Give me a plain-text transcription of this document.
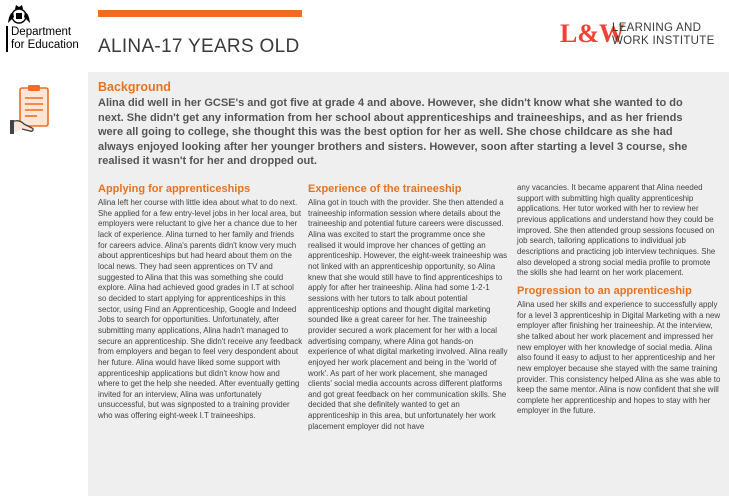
Department
for Education ALINA-17 YEARS OLD	L&W
LEARNING AND
WORK INSTITUTE
Background

Alina did well in her GCSE's and got five at grade 4 and above. However, she didn't know what she wanted to do next. She didn't get any information from her school about apprenticeships and traineeships, and as her friends were all going to college, she thought this was the best option for her as well. She chose childcare as she had always enjoyed looking after her younger brothers and sisters. However, soon after starting a level 3 course, she realised it wasn't for her and dropped out.

Applying for apprenticeships

Alina left her course with little idea about what to do next. She applied for a few entry-level jobs in her local area, but employers were reluctant to give her a chance due to her lack of experience. Alina turned to her family and friends for careers advice. Alina's parents didn't know very much about apprenticeships but had heard about them on the local news. They had seen apprentices on TV and suggested to Alina that this was something she could explore. Alina had achieved good grades in I.T at school so decided to start applying for apprenticeships in this sector, using Find an Apprenticeship, Google and Indeed Jobs to search for opportunities. Unfortunately, after submitting many applications, Alina hadn't managed to secure an apprenticeship. She didn't receive any feedback from employers and began to feel very despondent about her future. Alina would have liked some support with apprenticeship applications but didn't know how and where to get the help she needed. After eventually getting invited for an interview, Alina was unfortunately unsuccessful, but was signposted to a training provider who was offering eight-week I.T traineeships.

Experience of the traineeship

Alina got in touch with the provider. She then attended a traineeship information session where details about the traineeship and potential future careers were discussed. Alina was excited to start the programme once she realised it would improve her chances of getting an apprenticeship. However, the eight-week traineeship was not linked with an apprenticeship opportunity, so Alina knew that she would still have to find apprenticeships to apply for after her traineeship. Alina had some 1-2-1 sessions with her tutors to talk about potential apprenticeship options and thought digital marketing sounded like a great career for her. The traineeship provider secured a work placement for her with a local advertising company, where Alina got hands-on experience of what digital marketing involved. Alina really enjoyed her work placement and being in the 'world of work'. As part of her work placement, she managed clients' social media accounts across different platforms and got great feedback on her communication skills. She decided that she definitely wanted to get an apprenticeship in this area, but unfortunately her work placement employer did not have

any vacancies. It became apparent that Alina needed support with submitting high quality apprenticeship applications. Her tutor worked with her to review her previous applications and understand how they could be improved. She then attended group sessions focused on job search, tailoring applications to individual job descriptions and practicing job interview techniques. She also developed a strong social media profile to promote the skills she had learnt on her work placement.

Progression to an apprenticeship

Alina used her skills and experience to successfully apply for a level 3 apprenticeship in Digital Marketing with a new employer after finishing her traineeship. At the interview, she talked about her work placement and impressed her new employer with her knowledge of social media. Alina also found it easy to adjust to her apprenticeship and her new employer because she stayed with the same training provider. This consistency helped Alina as she was able to keep the same mentor. Alina is now confident that she will complete her apprenticeship and hopes to stay with her employer in the future.
